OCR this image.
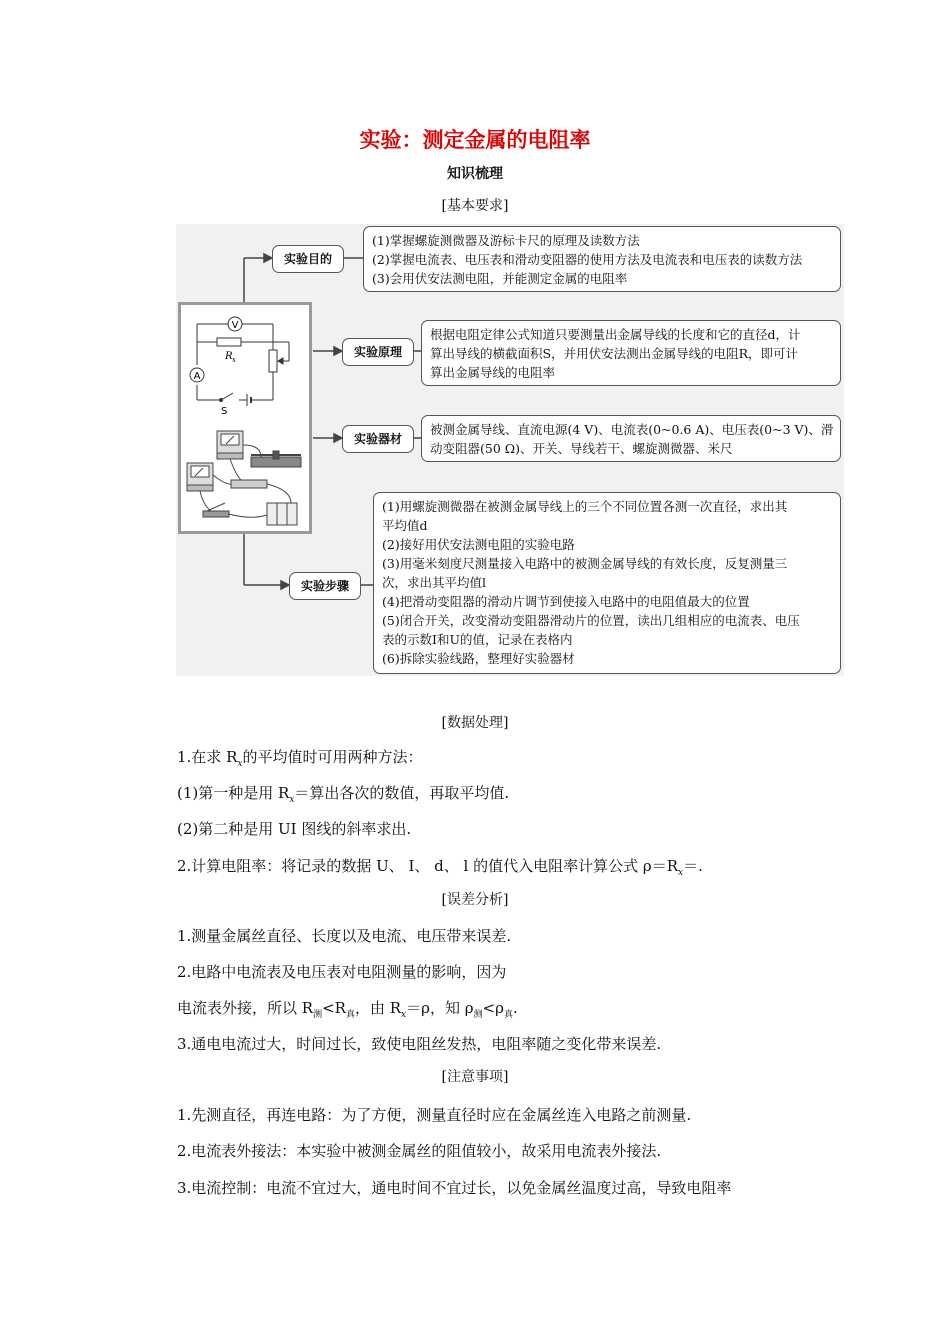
实验：测定金属的电阻率
知识梳理
[基本要求]
实验目的
实验原理
实验器材
实验步骤
(1)掌握螺旋测微器及游标卡尺的原理及读数方法
(2)掌握电流表、电压表和滑动变阻器的使用方法及电流表和电压表的读数方法
(3)会用伏安法测电阻，并能测定金属的电阻率
根据电阻定律公式知道只要测量出金属导线的长度和它的直径d，计
算出导线的横截面积S，并用伏安法测出金属导线的电阻R，即可计
算出金属导线的电阻率
被测金属导线、直流电源(4 V)、电流表(0~0.6 A)、电压表(0~3 V)、滑
动变阻器(50 Ω)、开关、导线若干、螺旋测微器、米尺
(1)用螺旋测微器在被测金属导线上的三个不同位置各测一次直径，求出其
平均值d
(2)接好用伏安法测电阻的实验电路
(3)用毫米刻度尺测量接入电路中的被测金属导线的有效长度，反复测量三
次，求出其平均值l
(4)把滑动变阻器的滑动片调节到使接入电路中的电阻值最大的位置
(5)闭合开关，改变滑动变阻器滑动片的位置，读出几组相应的电流表、电压
表的示数I和U的值，记录在表格内
(6)拆除实验线路，整理好实验器材
V
A
R x
S
[数据处理]
1.在求 $R_x$的平均值时可用两种方法：
(1)第一种是用 $R_x=$算出各次的数值，再取平均值.
(2)第二种是用 UI 图线的斜率求出.
2.计算电阻率：将记录的数据 U、 I、 d、 l 的值代入电阻率计算公式 $\rho=R_x=$.
[误差分析]
1.测量金属丝直径、长度以及电流、电压带来误差.
2.电路中电流表及电压表对电阻测量的影响，因为
电流表外接，所以 $R_测<R_真$，由 $R_x=\rho$，知 $\rho_测<\rho_真$.
3.通电电流过大，时间过长，致使电阻丝发热，电阻率随之变化带来误差.
[注意事项]
1.先测直径，再连电路：为了方便，测量直径时应在金属丝连入电路之前测量.
2.电流表外接法：本实验中被测金属丝的阻值较小，故采用电流表外接法.
3.电流控制：电流不宜过大，通电时间不宜过长，以免金属丝温度过高，导致电阻率
